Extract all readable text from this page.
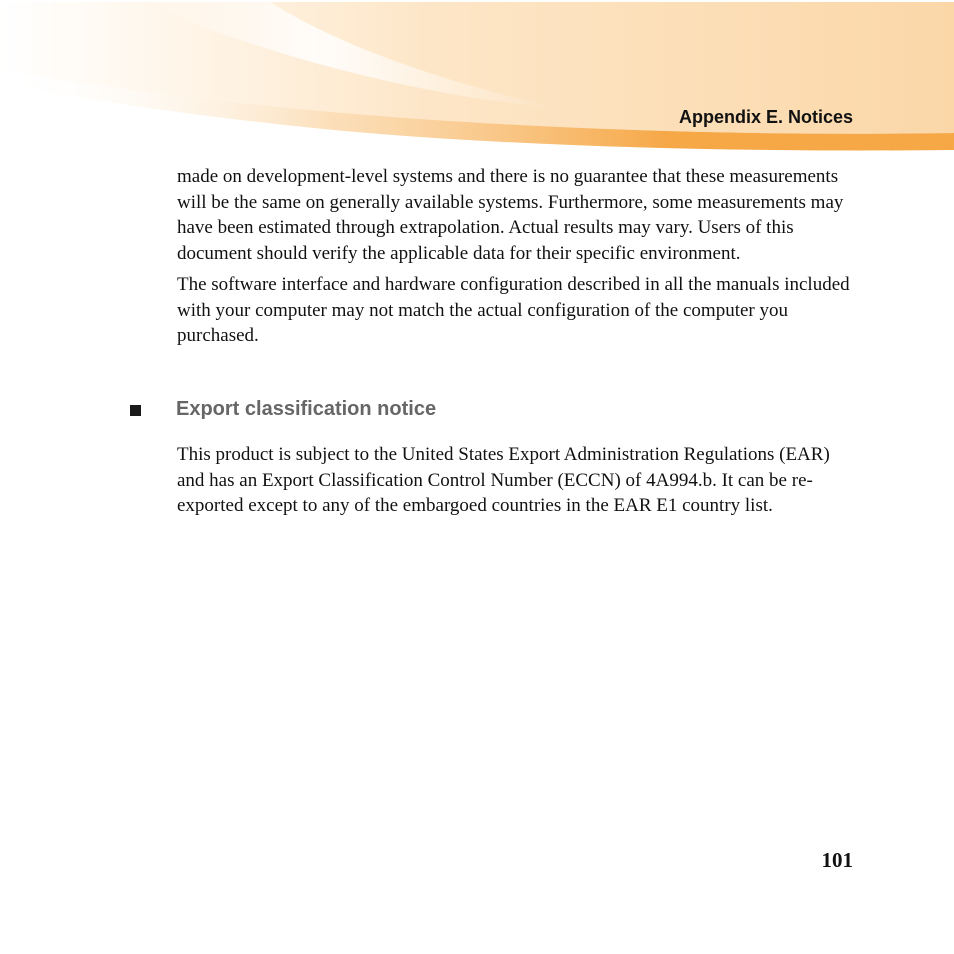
Appendix E. Notices

made on development-level systems and there is no guarantee that these measurements will be the same on generally available systems. Furthermore, some measurements may have been estimated through extrapolation. Actual results may vary. Users of this document should verify the applicable data for their specific environment.

The software interface and hardware configuration described in all the manuals included with your computer may not match the actual configuration of the computer you purchased.

Export classification notice

This product is subject to the United States Export Administration Regulations (EAR) and has an Export Classification Control Number (ECCN) of 4A994.b. It can be re-exported except to any of the embargoed countries in the EAR E1 country list.

101
